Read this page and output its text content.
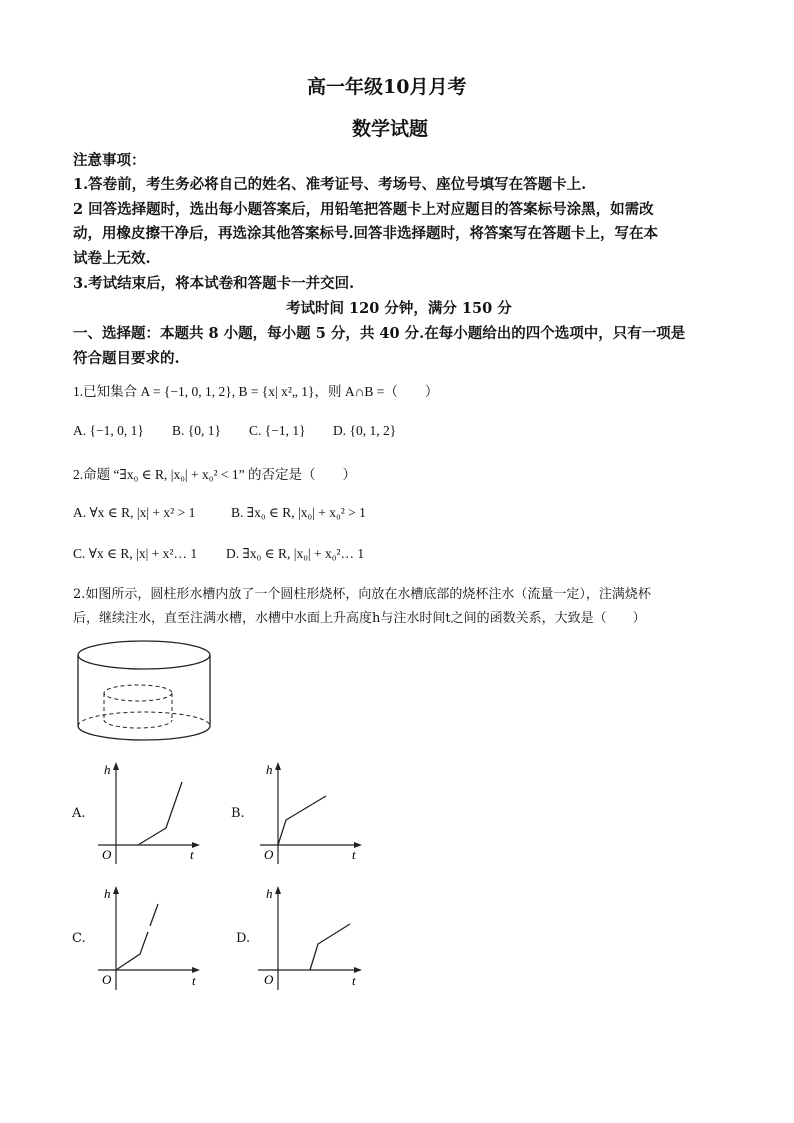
高一年级10月月考
数学试题
注意事项：
1.答卷前，考生务必将自己的姓名、准考证号、考场号、座位号填写在答题卡上.
2 回答选择题时，选出每小题答案后，用铅笔把答题卡上对应题目的答案标号涂黑，如需改
动，用橡皮擦干净后，再选涂其他答案标号.回答非选择题时，将答案写在答题卡上，写在本
试卷上无效.
3.考试结束后，将本试卷和答题卡一并交回.
考试时间 120 分钟，满分 150 分
一、选择题：本题共 8 小题，每小题 5 分，共 40 分.在每小题给出的四个选项中，只有一项是
符合题目要求的.
1.已知集合 A = {−1, 0, 1, 2}, B = {x| x²„ 1}，则 A∩B =（　　）
A. {−1, 0, 1} B. {0, 1} C. {−1, 1} D. {0, 1, 2}
2.命题 “∃x₀ ∈ R, |x₀| + x₀² < 1” 的否定是（　　）
A. ∀x ∈ R, |x| + x² > 1	B. ∃x₀ ∈ R, |x₀| + x₀² > 1
C. ∀x ∈ R, |x| + x²… 1 D. ∃x₀ ∈ R, |x₀| + x₀²… 1
2.如图所示，圆柱形水槽内放了一个圆柱形烧杯，向放在水槽底部的烧杯注水（流量一定），注满烧杯
后，继续注水，直至注满水槽，水槽中水面上升高度h与注水时间t之间的函数关系，大致是（　　）
A.	B.
C.	D.
h
t
O
h
t
O
h
t
O
h
t
O
